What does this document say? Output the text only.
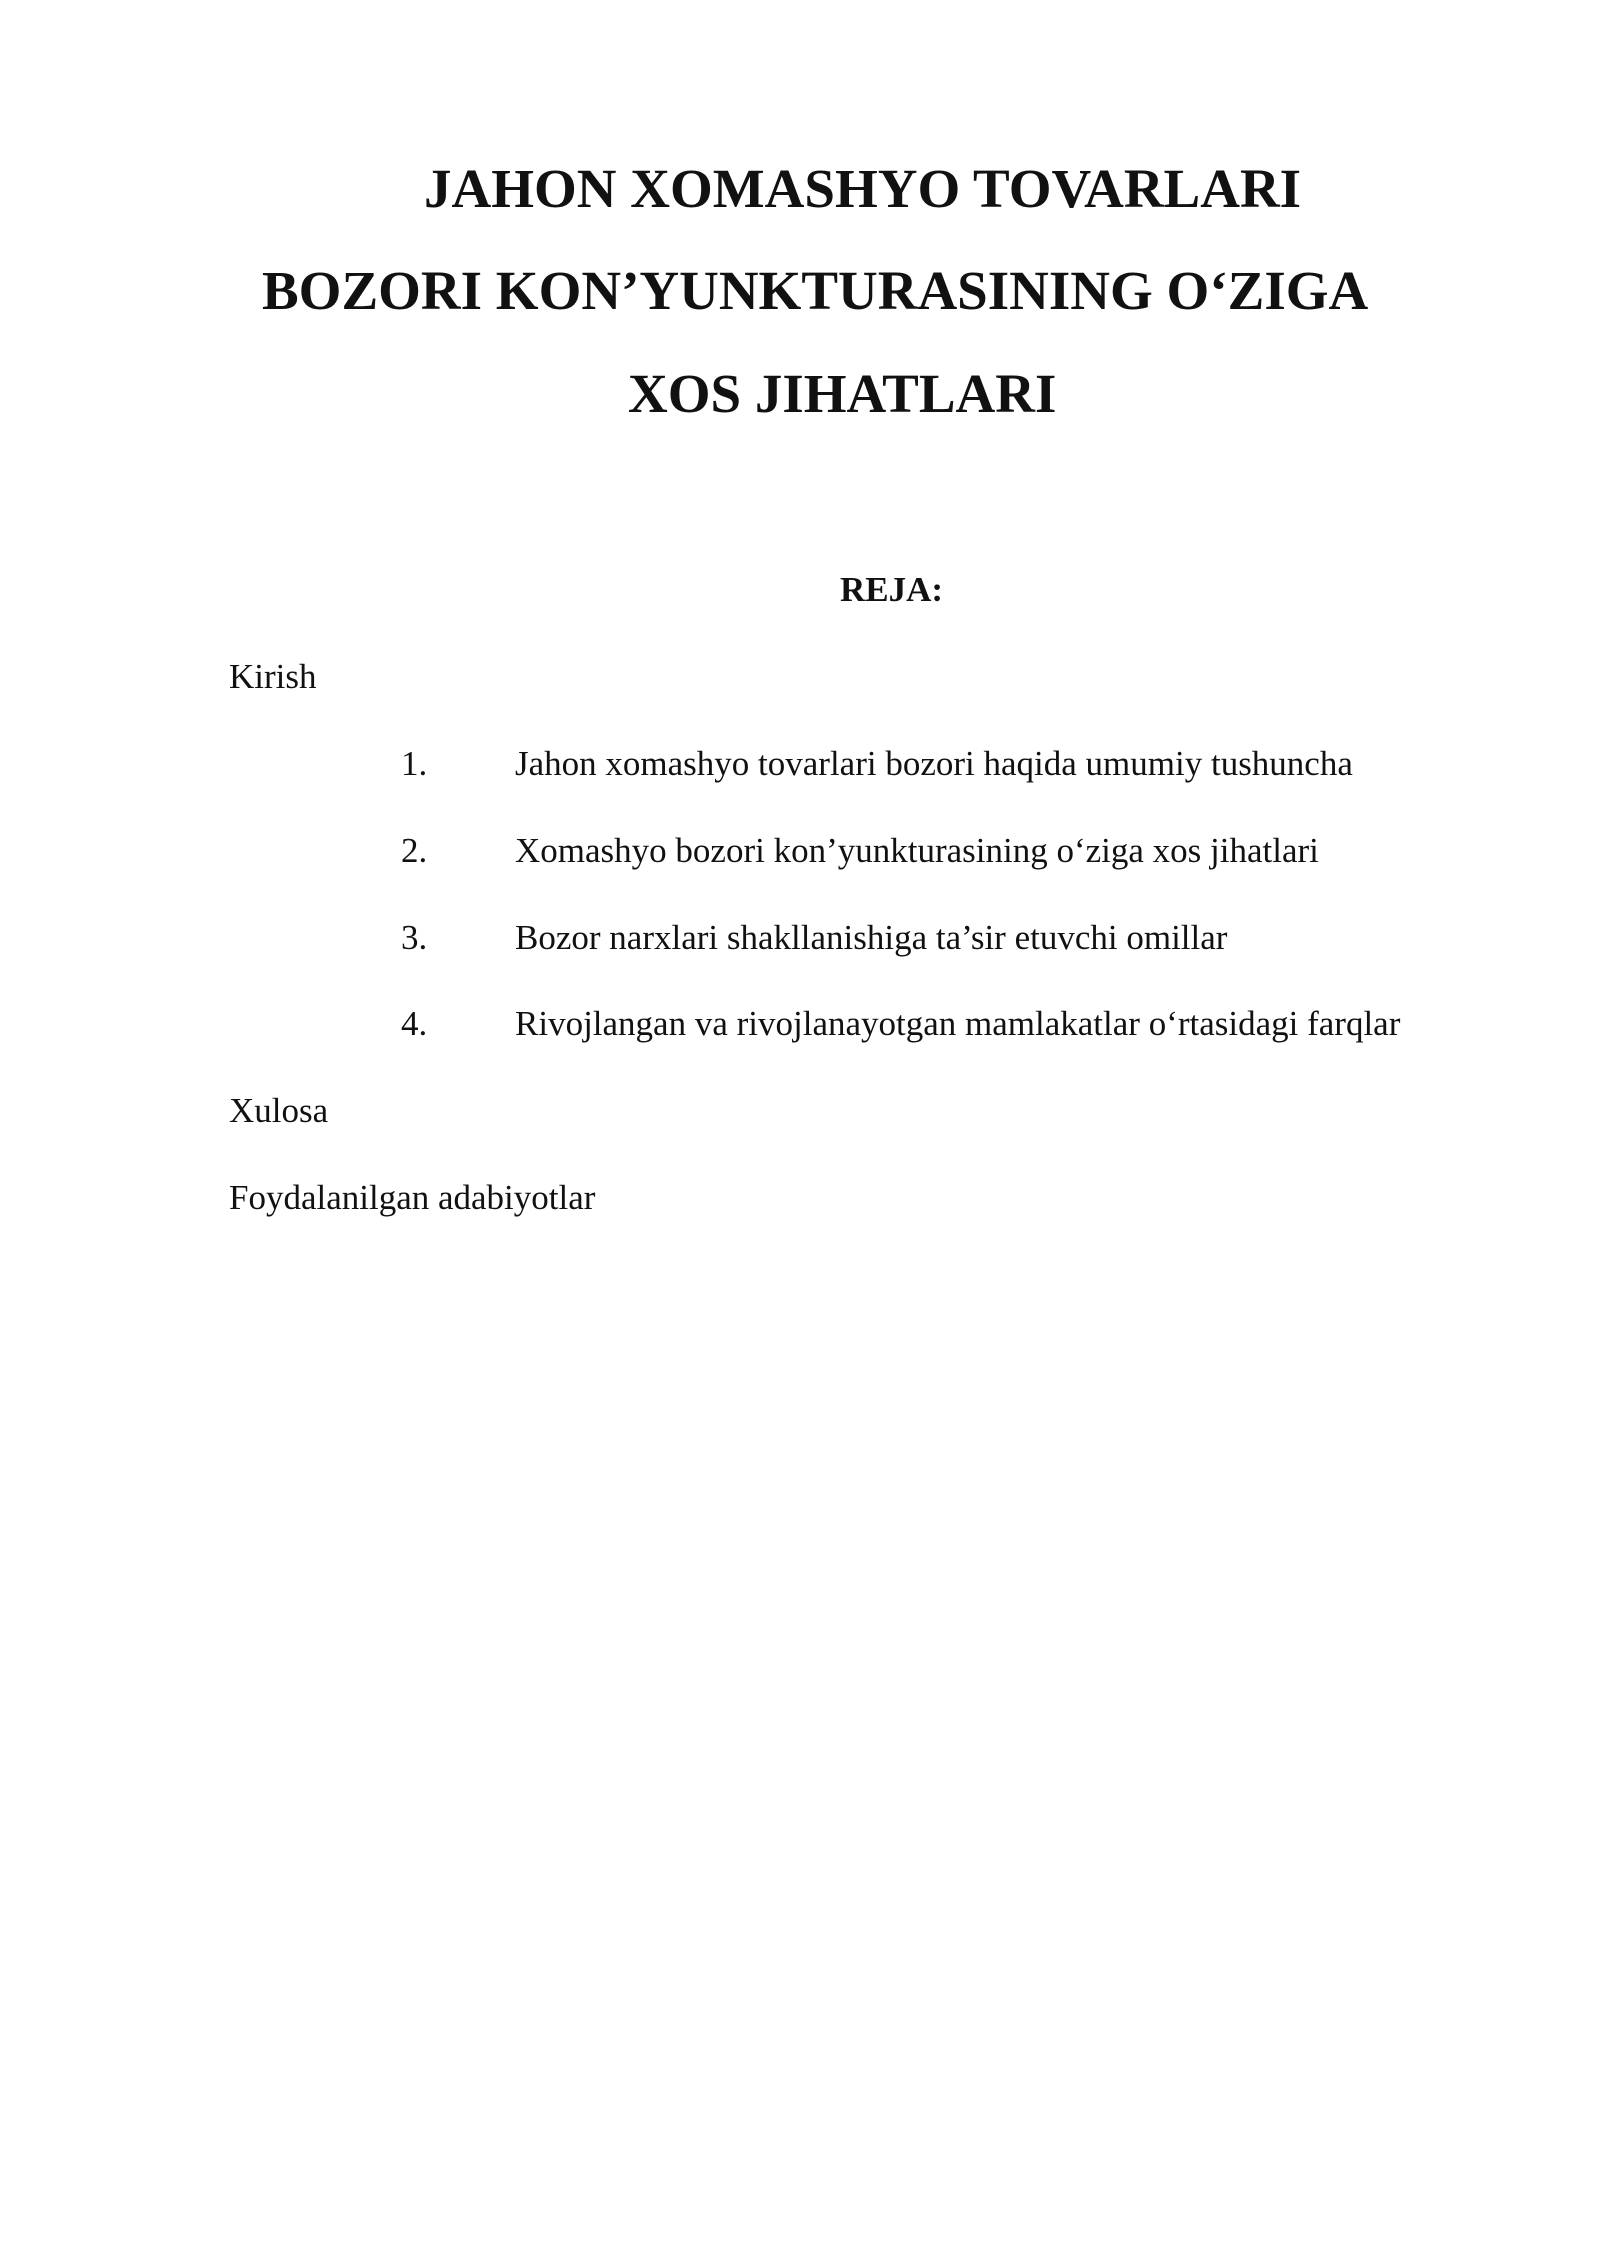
JAHON XOMASHYO TOVARLARI
BOZORI KON’YUNKTURASINING O‘ZIGA
XOS JIHATLARI
REJA:
Kirish
1.	Jahon xomashyo tovarlari bozori haqida umumiy tushuncha
2.	Xomashyo bozori kon’yunkturasining o‘ziga xos jihatlari
3.	Bozor narxlari shakllanishiga ta’sir etuvchi omillar
4.	Rivojlangan va rivojlanayotgan mamlakatlar o‘rtasidagi farqlar
Xulosa
Foydalanilgan adabiyotlar
